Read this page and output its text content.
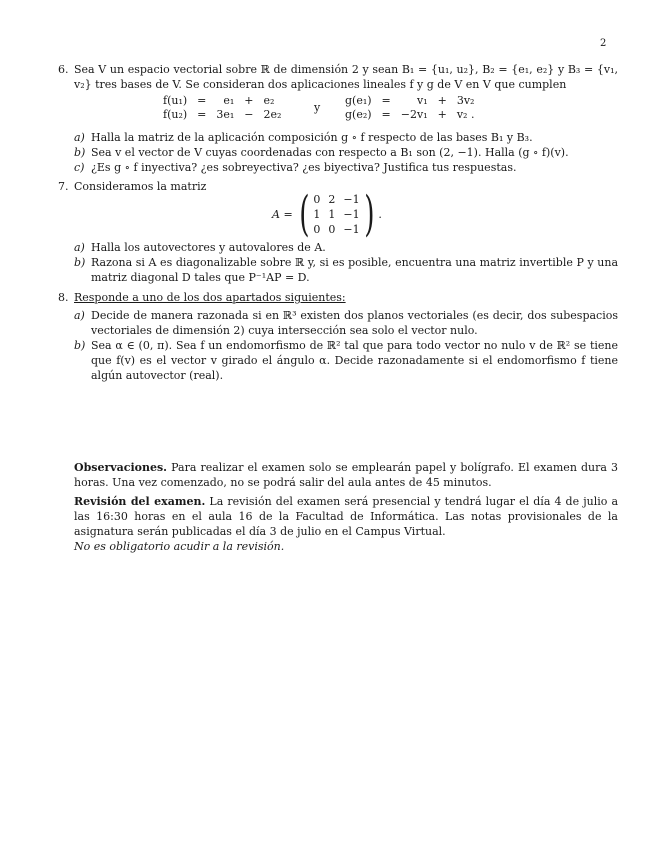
2
6. Sea V un espacio vectorial sobre ℝ de dimensión 2 y sean B₁ = {u₁, u₂}, B₂ = {e₁, e₂} y B₃ = {v₁, v₂} tres bases de V. Se consideran dos aplicaciones lineales f y g de V en V que cumplen
f(u₁)	=	e₁	+	e₂
f(u₂)	=	3e₁	−	2e₂
y
g(e₁)	=	v₁	+	3v₂
g(e₂)	=	−2v₁	+	v₂ .
a) Halla la matriz de la aplicación composición g ∘ f respecto de las bases B₁ y B₃.
b) Sea v el vector de V cuyas coordenadas con respecto a B₁ son (2, −1). Halla (g ∘ f)(v).
c) ¿Es g ∘ f inyectiva? ¿es sobreyectiva? ¿es biyectiva? Justifica tus respuestas.
7. Consideramos la matriz
A = ( 0	2	−1
1	1	−1
0	0	−1 ) .
a) Halla los autovectores y autovalores de A.
b) Razona si A es diagonalizable sobre ℝ y, si es posible, encuentra una matriz invertible P y una matriz diagonal D tales que P⁻¹AP = D.
8. Responde a uno de los dos apartados siguientes:
a) Decide de manera razonada si en ℝ³ existen dos planos vectoriales (es decir, dos subespacios vectoriales de dimensión 2) cuya intersección sea solo el vector nulo.
b) Sea α ∈ (0, π). Sea f un endomorfismo de ℝ² tal que para todo vector no nulo v de ℝ² se tiene que f(v) es el vector v girado el ángulo α. Decide razonadamente si el endomorfismo f tiene algún autovector (real).
Observaciones. Para realizar el examen solo se emplearán papel y bolígrafo. El examen dura 3 horas. Una vez comenzado, no se podrá salir del aula antes de 45 minutos.
Revisión del examen. La revisión del examen será presencial y tendrá lugar el día 4 de julio a las 16:30 horas en el aula 16 de la Facultad de Informática. Las notas provisionales de la asignatura serán publicadas el día 3 de julio en el Campus Virtual.
No es obligatorio acudir a la revisión.
